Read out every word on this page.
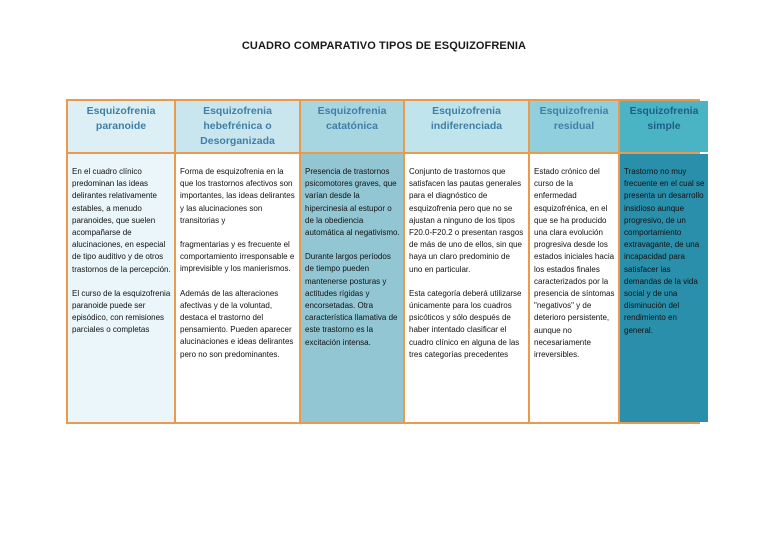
CUADRO COMPARATIVO TIPOS DE ESQUIZOFRENIA
Esquizofrenia paranoide
Esquizofrenia hebefrénica o Desorganizada
Esquizofrenia catatónica
Esquizofrenia indiferenciada
Esquizofrenia residual
Esquizofrenia simple

En el cuadro clínico predominan las ideas delirantes relativamente estables, a menudo paranoides, que suelen acompañarse de alucinaciones, en especial de tipo auditivo y de otros trastornos de la percepción.

El curso de la esquizofrenia paranoide puede ser episódico, con remisiones parciales o completas

Forma de esquizofrenia en la que los trastornos afectivos son importantes, las ideas delirantes y las alucinaciones son transitorias y

fragmentarias y es frecuente el comportamiento irresponsable e imprevisible y los manierismos.

Además de las alteraciones afectivas y de la voluntad, destaca el trastorno del pensamiento. Pueden aparecer alucinaciones e ideas delirantes pero no son predominantes.

Presencia de trastornos psicomotores graves, que varían desde la hipercinesia al estupor o de la obediencia automática al negativismo.

Durante largos períodos de tiempo pueden mantenerse posturas y actitudes rígidas y encorsetadas. Otra característica llamativa de este trastorno es la excitación intensa.

Conjunto de trastornos que satisfacen las pautas generales para el diagnóstico de esquizofrenia pero que no se ajustan a ninguno de los tipos F20.0-F20.2 o presentan rasgos de más de uno de ellos, sin que haya un claro predominio de uno en particular.

Esta categoría deberá utilizarse únicamente para los cuadros psicóticos y sólo después de haber intentado clasificar el cuadro clínico en alguna de las tres categorías precedentes

Estado crónico del curso de la enfermedad esquizofrénica, en el que se ha producido una clara evolución progresiva desde los estados iniciales hacia los estados finales caracterizados por la presencia de síntomas "negativos" y de deterioro persistente, aunque no necesariamente irreversibles.

Trastorno no muy frecuente en el cual se presenta un desarrollo insidioso aunque progresivo, de un comportamiento extravagante, de una incapacidad para satisfacer las demandas de la vida social y de una disminución del rendimiento en general.
